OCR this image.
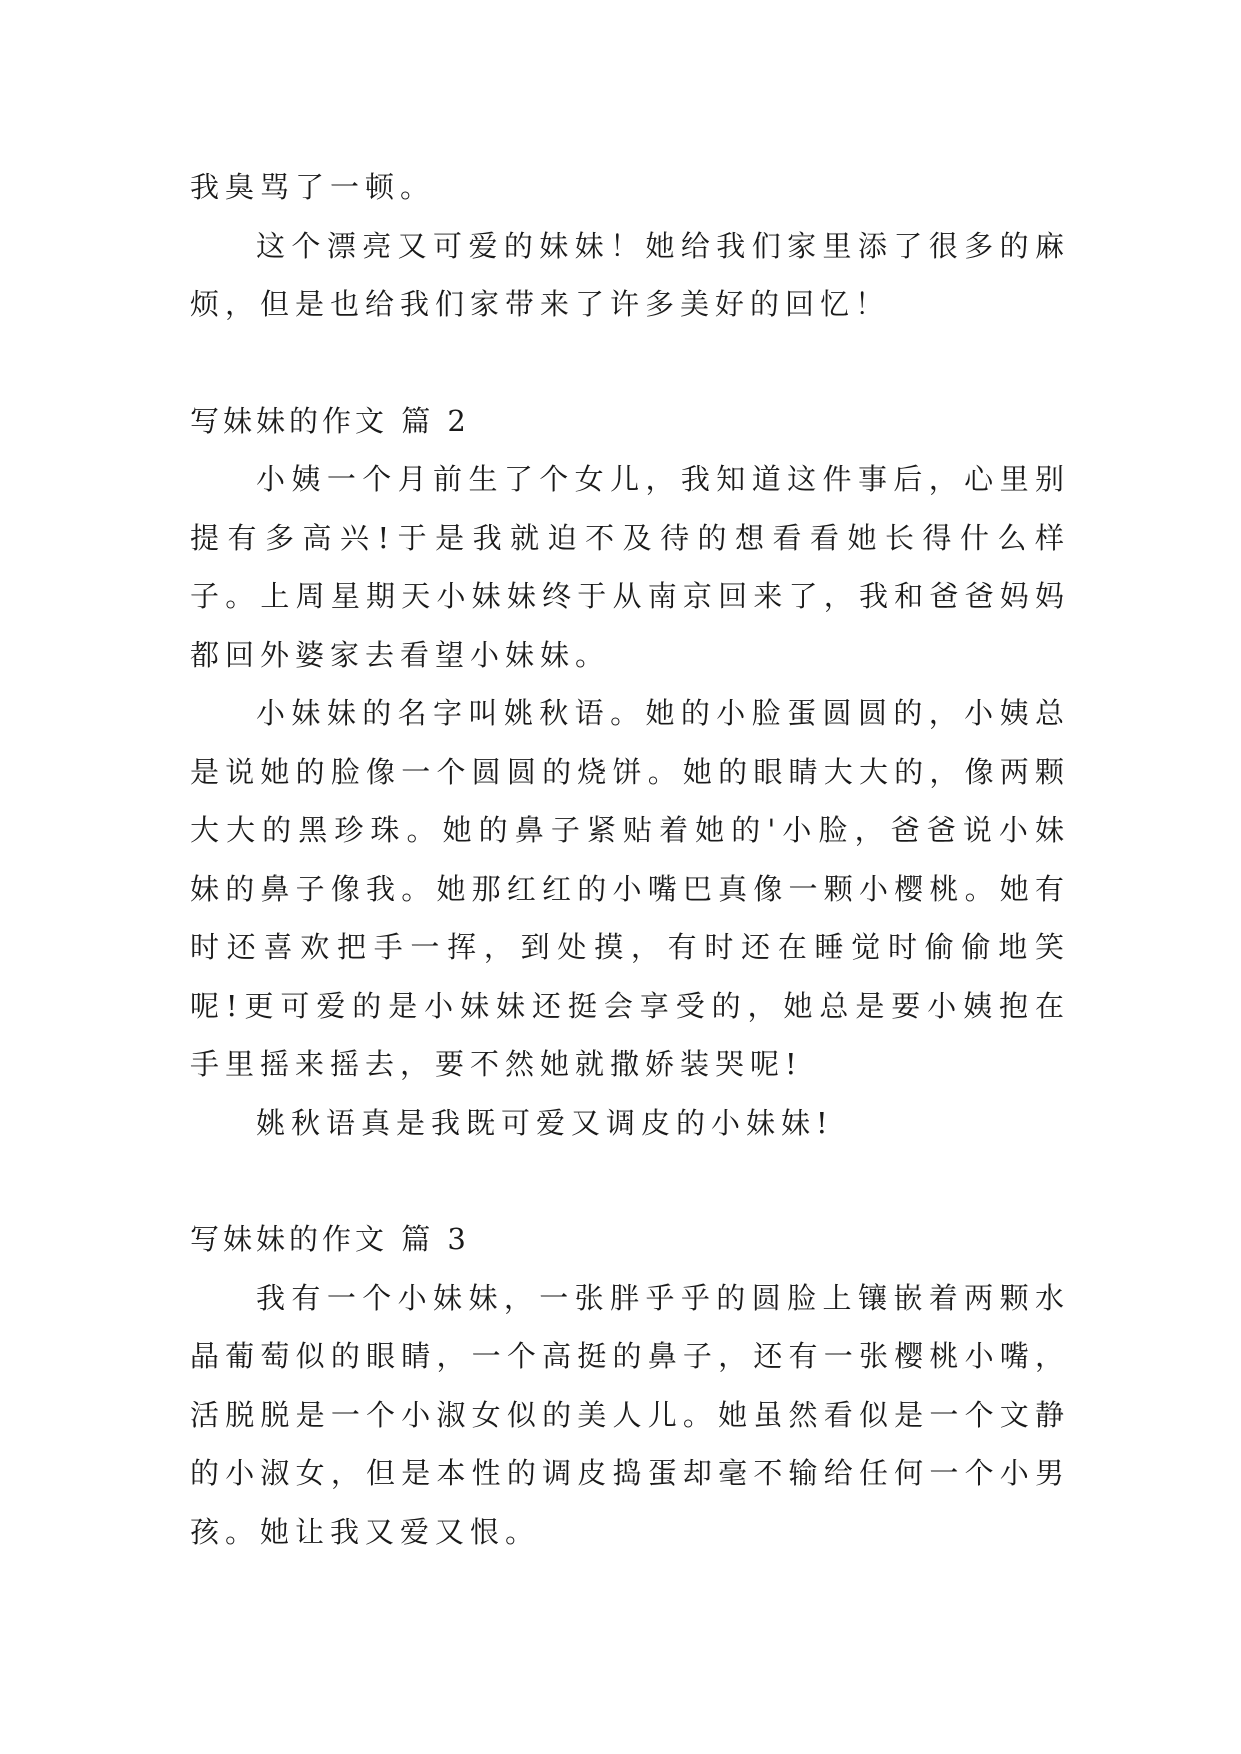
我臭骂了一顿。

这个漂亮又可爱的妹妹！她给我们家里添了很多的麻烦，但是也给我们家带来了许多美好的回忆！

写妹妹的作文 篇 2

小姨一个月前生了个女儿，我知道这件事后，心里别提有多高兴!于是我就迫不及待的想看看她长得什么样子。上周星期天小妹妹终于从南京回来了，我和爸爸妈妈都回外婆家去看望小妹妹。

小妹妹的名字叫姚秋语。她的小脸蛋圆圆的，小姨总是说她的脸像一个圆圆的烧饼。她的眼睛大大的，像两颗大大的黑珍珠。她的鼻子紧贴着她的'小脸，爸爸说小妹妹的鼻子像我。她那红红的小嘴巴真像一颗小樱桃。她有时还喜欢把手一挥，到处摸，有时还在睡觉时偷偷地笑呢!更可爱的是小妹妹还挺会享受的，她总是要小姨抱在手里摇来摇去，要不然她就撒娇装哭呢!

姚秋语真是我既可爱又调皮的小妹妹!

写妹妹的作文 篇 3

我有一个小妹妹，一张胖乎乎的圆脸上镶嵌着两颗水晶葡萄似的眼睛，一个高挺的鼻子，还有一张樱桃小嘴，活脱脱是一个小淑女似的美人儿。她虽然看似是一个文静的小淑女，但是本性的调皮捣蛋却毫不输给任何一个小男孩。她让我又爱又恨。
